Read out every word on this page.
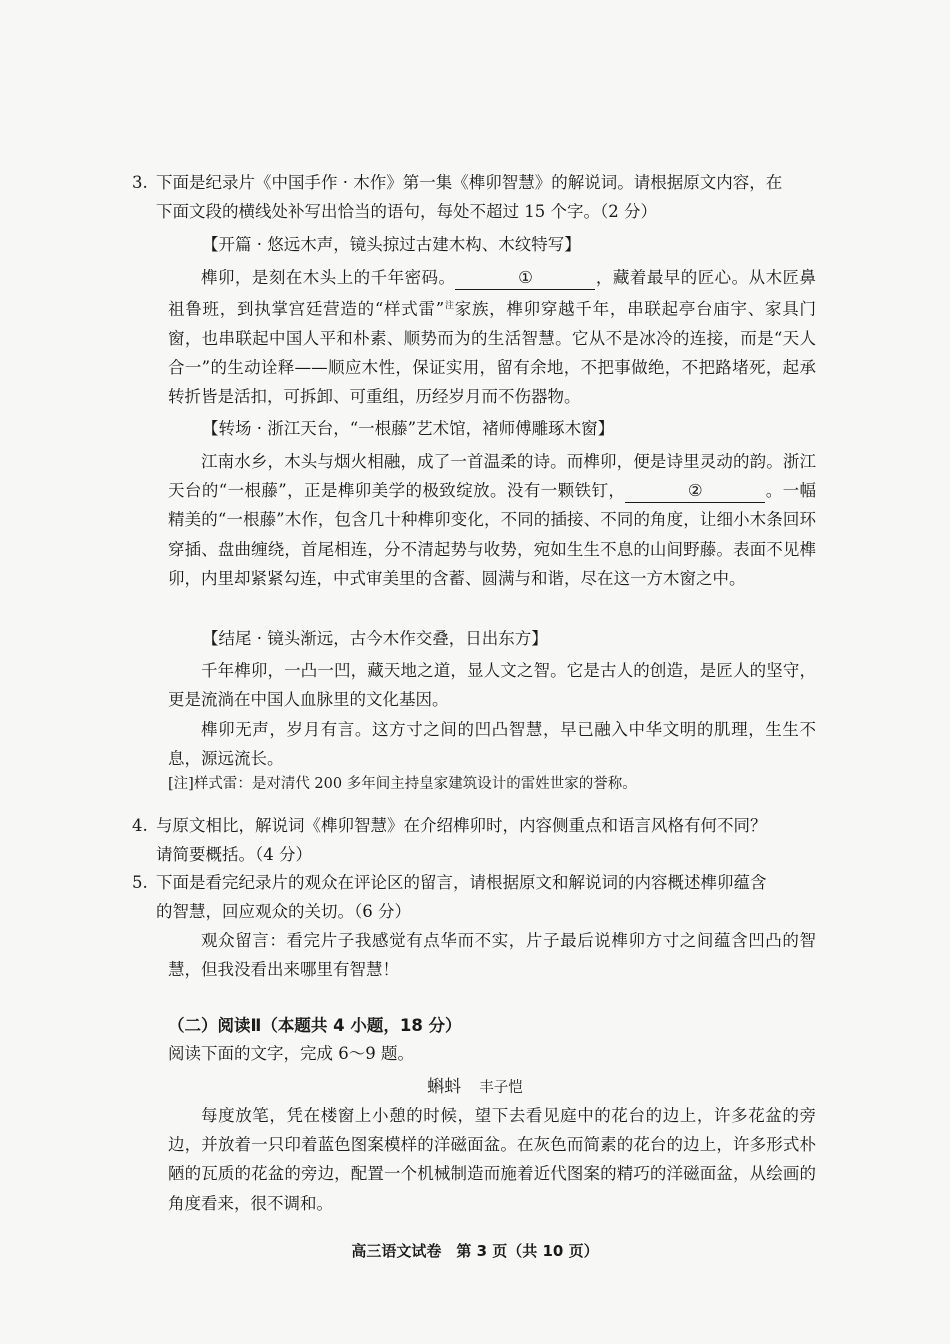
3. 下面是纪录片《中国手作 · 木作》第一集《榫卯智慧》的解说词。请根据原文内容，在
下面文段的横线处补写出恰当的语句，每处不超过 15 个字。（2 分）
【开篇 · 悠远木声，镜头掠过古建木构、木纹特写】
榫卯，是刻在木头上的千年密码。	①	，藏着最早的匠心。从木匠鼻祖鲁班，到执掌宫廷营造的“样式雷”$^注$家族，榫卯穿越千年，串联起亭台庙宇、家具门窗，也串联起中国人平和朴素、顺势而为的生活智慧。它从不是冰冷的连接，而是“天人合一”的生动诠释——顺应木性，保证实用，留有余地，不把事做绝，不把路堵死，起承转折皆是活扣，可拆卸、可重组，历经岁月而不伤器物。
【转场 · 浙江天台，“一根藤”艺术馆，褚师傅雕琢木窗】
江南水乡，木头与烟火相融，成了一首温柔的诗。而榫卯，便是诗里灵动的韵。浙江天台的“一根藤”，正是榫卯美学的极致绽放。没有一颗铁钉，	②	。一幅精美的“一根藤”木作，包含几十种榫卯变化，不同的插接、不同的角度，让细小木条回环穿插、盘曲缠绕，首尾相连，分不清起势与收势，宛如生生不息的山间野藤。表面不见榫卯，内里却紧紧勾连，中式审美里的含蓄、圆满与和谐，尽在这一方木窗之中。
【结尾 · 镜头渐远，古今木作交叠，日出东方】
千年榫卯，一凸一凹，藏天地之道，显人文之智。它是古人的创造，是匠人的坚守，更是流淌在中国人血脉里的文化基因。
榫卯无声，岁月有言。这方寸之间的凹凸智慧，早已融入中华文明的肌理，生生不息，源远流长。
[注]样式雷：是对清代 200 多年间主持皇家建筑设计的雷姓世家的誉称。
4. 与原文相比，解说词《榫卯智慧》在介绍榫卯时，内容侧重点和语言风格有何不同？
请简要概括。（4 分）
5. 下面是看完纪录片的观众在评论区的留言，请根据原文和解说词的内容概述榫卯蕴含
的智慧，回应观众的关切。（6 分）
观众留言：看完片子我感觉有点华而不实，片子最后说榫卯方寸之间蕴含凹凸的智慧，但我没看出来哪里有智慧！
（二）阅读Ⅱ（本题共 4 小题，18 分）
阅读下面的文字，完成 6～9 题。
蝌蚪 丰子恺
每度放笔，凭在楼窗上小憩的时候，望下去看见庭中的花台的边上，许多花盆的旁边，并放着一只印着蓝色图案模样的洋磁面盆。在灰色而简素的花台的边上，许多形式朴陋的瓦质的花盆的旁边，配置一个机械制造而施着近代图案的精巧的洋磁面盆，从绘画的角度看来，很不调和。
高三语文试卷　第 3 页（共 10 页）
